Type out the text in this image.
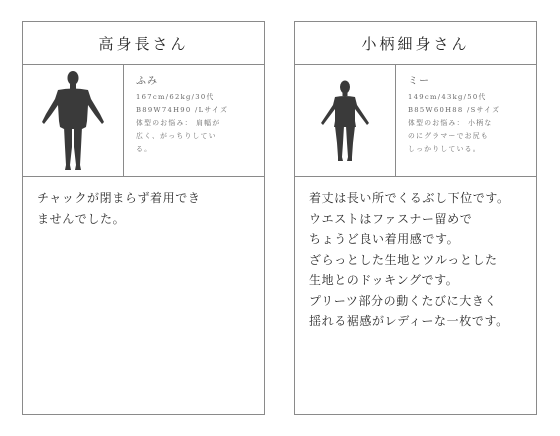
高身長さん
ふみ
167cm/62kg/30代
B89W74H90 /Lサイズ
体型のお悩み： 肩幅が
広く、がっちりしてい
る。
チャックが閉まらず着用でき
ませんでした。
小柄細身さん
ミー
149cm/43kg/50代
B85W60H88 /Sサイズ
体型のお悩み： 小柄な
のにグラマーでお尻も
しっかりしている。
着丈は長い所でくるぶし下位です。
ウエストはファスナー留めで
ちょうど良い着用感です。
ざらっとした生地とツルっとした
生地とのドッキングです。
プリーツ部分の動くたびに大きく
揺れる裾感がレディーな一枚です。
